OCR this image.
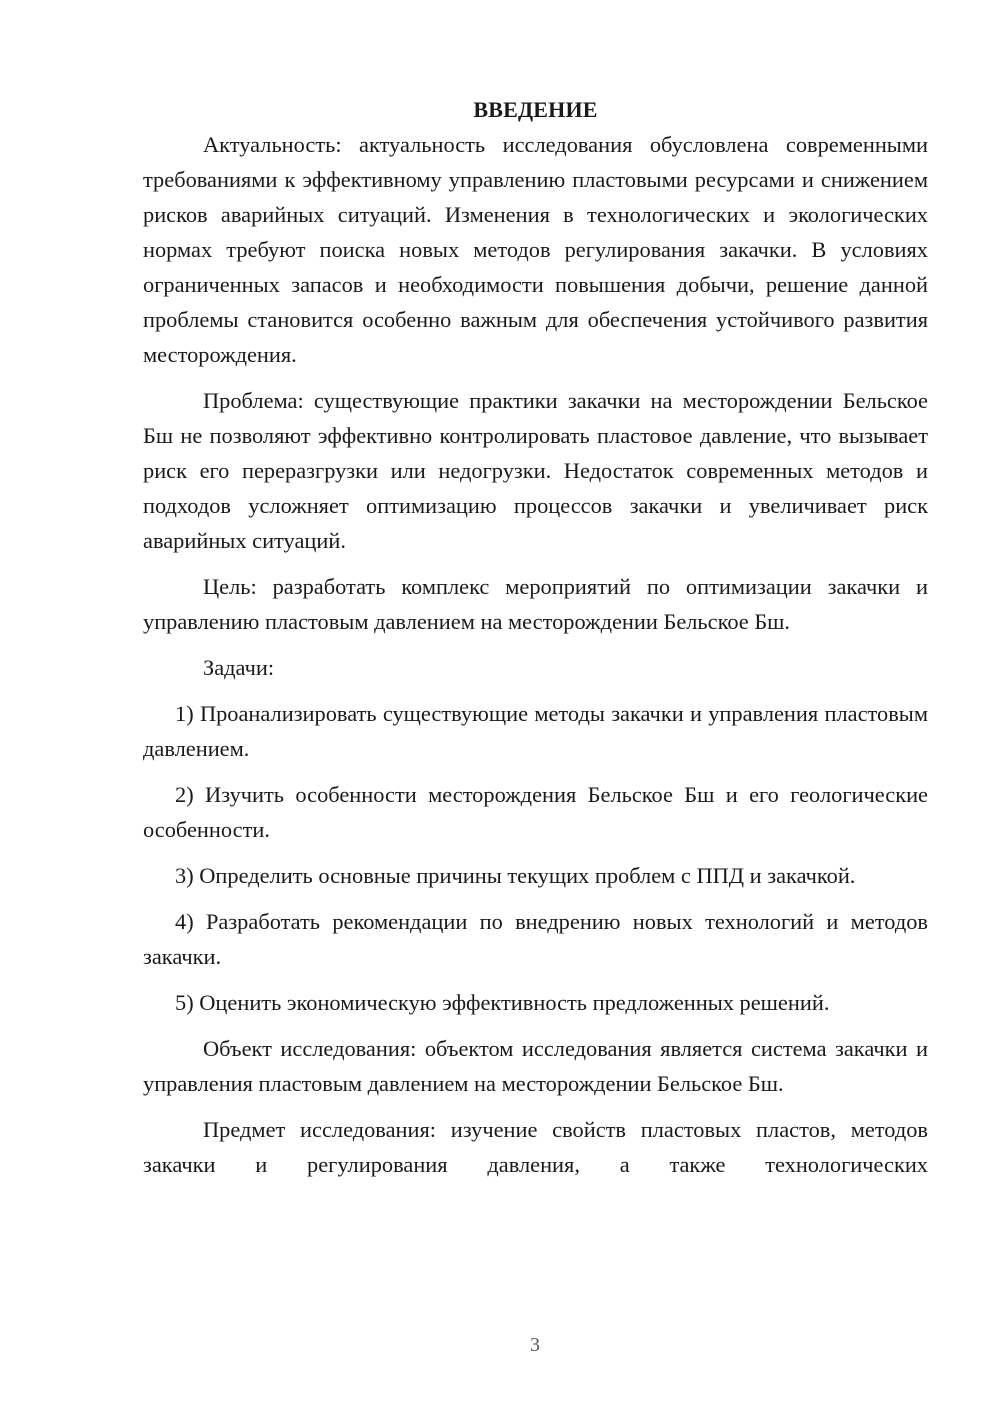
ВВЕДЕНИЕ

Актуальность: актуальность исследования обусловлена современными требованиями к эффективному управлению пластовыми ресурсами и снижением рисков аварийных ситуаций. Изменения в технологических и экологических нормах требуют поиска новых методов регулирования закачки. В условиях ограниченных запасов и необходимости повышения добычи, решение данной проблемы становится особенно важным для обеспечения устойчивого развития месторождения.

Проблема: существующие практики закачки на месторождении Бельское Бш не позволяют эффективно контролировать пластовое давление, что вызывает риск его переразгрузки или недогрузки. Недостаток современных методов и подходов усложняет оптимизацию процессов закачки и увеличивает риск аварийных ситуаций.

Цель: разработать комплекс мероприятий по оптимизации закачки и управлению пластовым давлением на месторождении Бельское Бш.

Задачи:

1) Проанализировать существующие методы закачки и управления пластовым давлением.

2) Изучить особенности месторождения Бельское Бш и его геологические особенности.

3) Определить основные причины текущих проблем с ППД и закачкой.

4) Разработать рекомендации по внедрению новых технологий и методов закачки.

5) Оценить экономическую эффективность предложенных решений.

Объект исследования: объектом исследования является система закачки и управления пластовым давлением на месторождении Бельское Бш.

Предмет исследования: изучение свойств пластовых пластов, методов закачки и регулирования давления, а также технологических

3
